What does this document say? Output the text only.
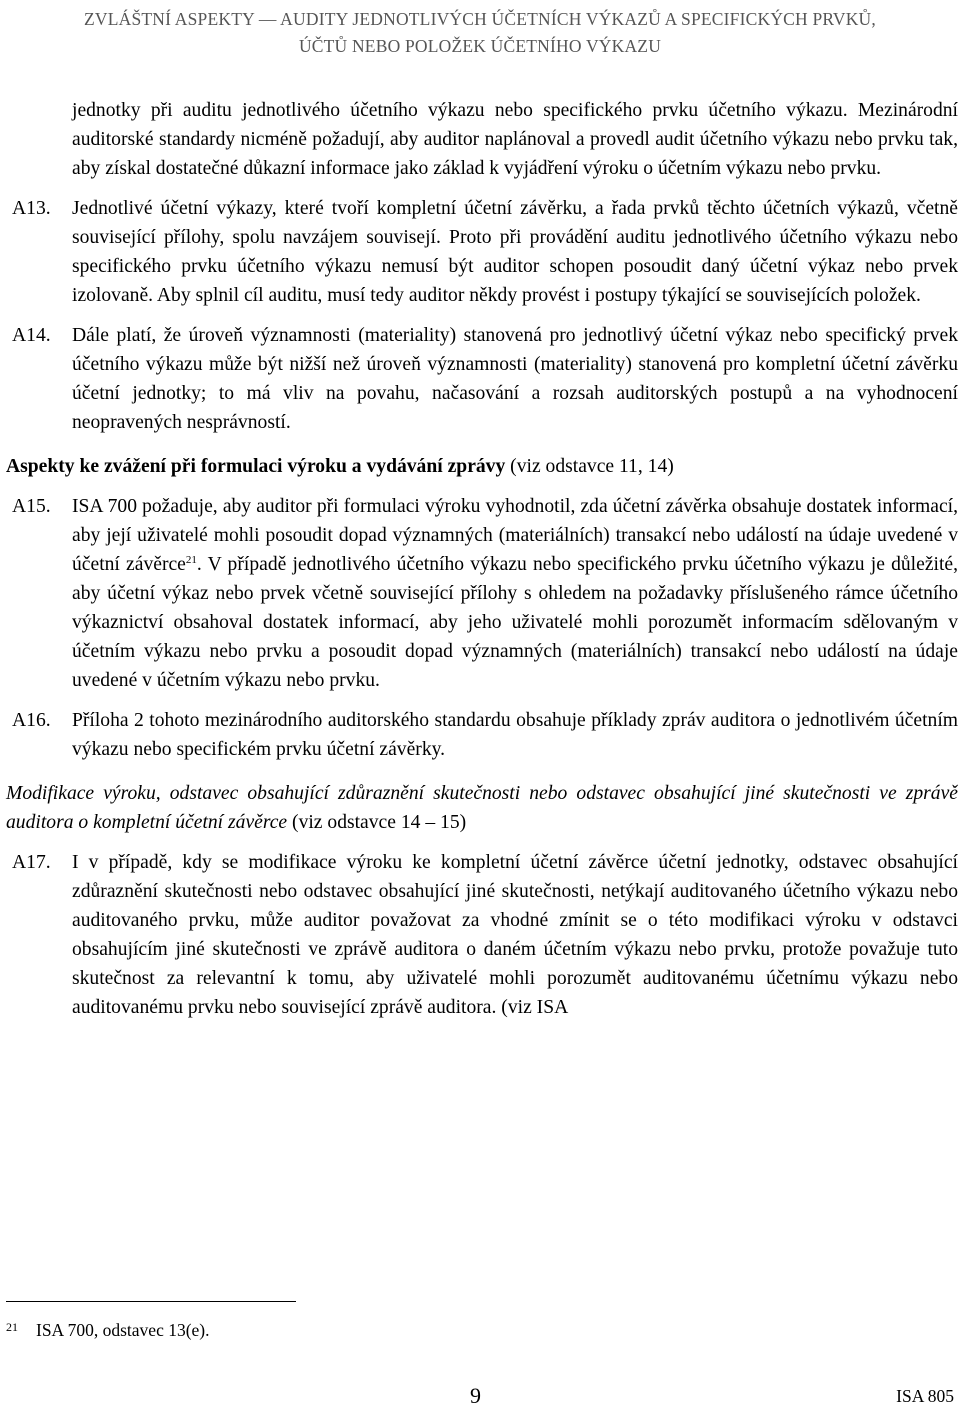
ZVLÁŠTNÍ ASPEKTY — AUDITY JEDNOTLIVÝCH ÚČETNÍCH VÝKAZŮ A SPECIFICKÝCH PRVKŮ,
ÚČTŮ NEBO POLOŽEK ÚČETNÍHO VÝKAZU

jednotky při auditu jednotlivého účetního výkazu nebo specifického prvku účetního výkazu. Mezinárodní auditorské standardy nicméně požadují, aby auditor naplánoval a provedl audit účetního výkazu nebo prvku tak, aby získal dostatečné důkazní informace jako základ k vyjádření výroku o účetním výkazu nebo prvku.

A13. Jednotlivé účetní výkazy, které tvoří kompletní účetní závěrku, a řada prvků těchto účetních výkazů, včetně související přílohy, spolu navzájem souvisejí. Proto při provádění auditu jednotlivého účetního výkazu nebo specifického prvku účetního výkazu nemusí být auditor schopen posoudit daný účetní výkaz nebo prvek izolovaně. Aby splnil cíl auditu, musí tedy auditor někdy provést i postupy týkající se souvisejících položek.
A14. Dále platí, že úroveň významnosti (materiality) stanovená pro jednotlivý účetní výkaz nebo specifický prvek účetního výkazu může být nižší než úroveň významnosti (materiality) stanovená pro kompletní účetní závěrku účetní jednotky; to má vliv na povahu, načasování a rozsah auditorských postupů a na vyhodnocení neopravených nesprávností.

Aspekty ke zvážení při formulaci výroku a vydávání zprávy (viz odstavce 11, 14)

A15. ISA 700 požaduje, aby auditor při formulaci výroku vyhodnotil, zda účetní závěrka obsahuje dostatek informací, aby její uživatelé mohli posoudit dopad významných (materiálních) transakcí nebo událostí na údaje uvedené v účetní závěrce$^{21}$. V případě jednotlivého účetního výkazu nebo specifického prvku účetního výkazu je důležité, aby účetní výkaz nebo prvek včetně související přílohy s ohledem na požadavky příslušeného rámce účetního výkaznictví obsahoval dostatek informací, aby jeho uživatelé mohli porozumět informacím sdělovaným v účetním výkazu nebo prvku a posoudit dopad významných (materiálních) transakcí nebo událostí na údaje uvedené v účetním výkazu nebo prvku.
A16. Příloha 2 tohoto mezinárodního auditorského standardu obsahuje příklady zpráv auditora o jednotlivém účetním výkazu nebo specifickém prvku účetní závěrky.

Modifikace výroku, odstavec obsahující zdůraznění skutečnosti nebo odstavec obsahující jiné skutečnosti ve zprávě auditora o kompletní účetní závěrce (viz odstavce 14 – 15)

A17. I v případě, kdy se modifikace výroku ke kompletní účetní závěrce účetní jednotky, odstavec obsahující zdůraznění skutečnosti nebo odstavec obsahující jiné skutečnosti, netýkají auditovaného účetního výkazu nebo auditovaného prvku, může auditor považovat za vhodné zmínit se o této modifikaci výroku v odstavci obsahujícím jiné skutečnosti ve zprávě auditora o daném účetním výkazu nebo prvku, protože považuje tuto skutečnost za relevantní k tomu, aby uživatelé mohli porozumět auditovanému účetnímu výkazu nebo auditovanému prvku nebo související zprávě auditora. (viz ISA
$^{21}$ ISA 700, odstavec 13(e).
9	ISA 805
